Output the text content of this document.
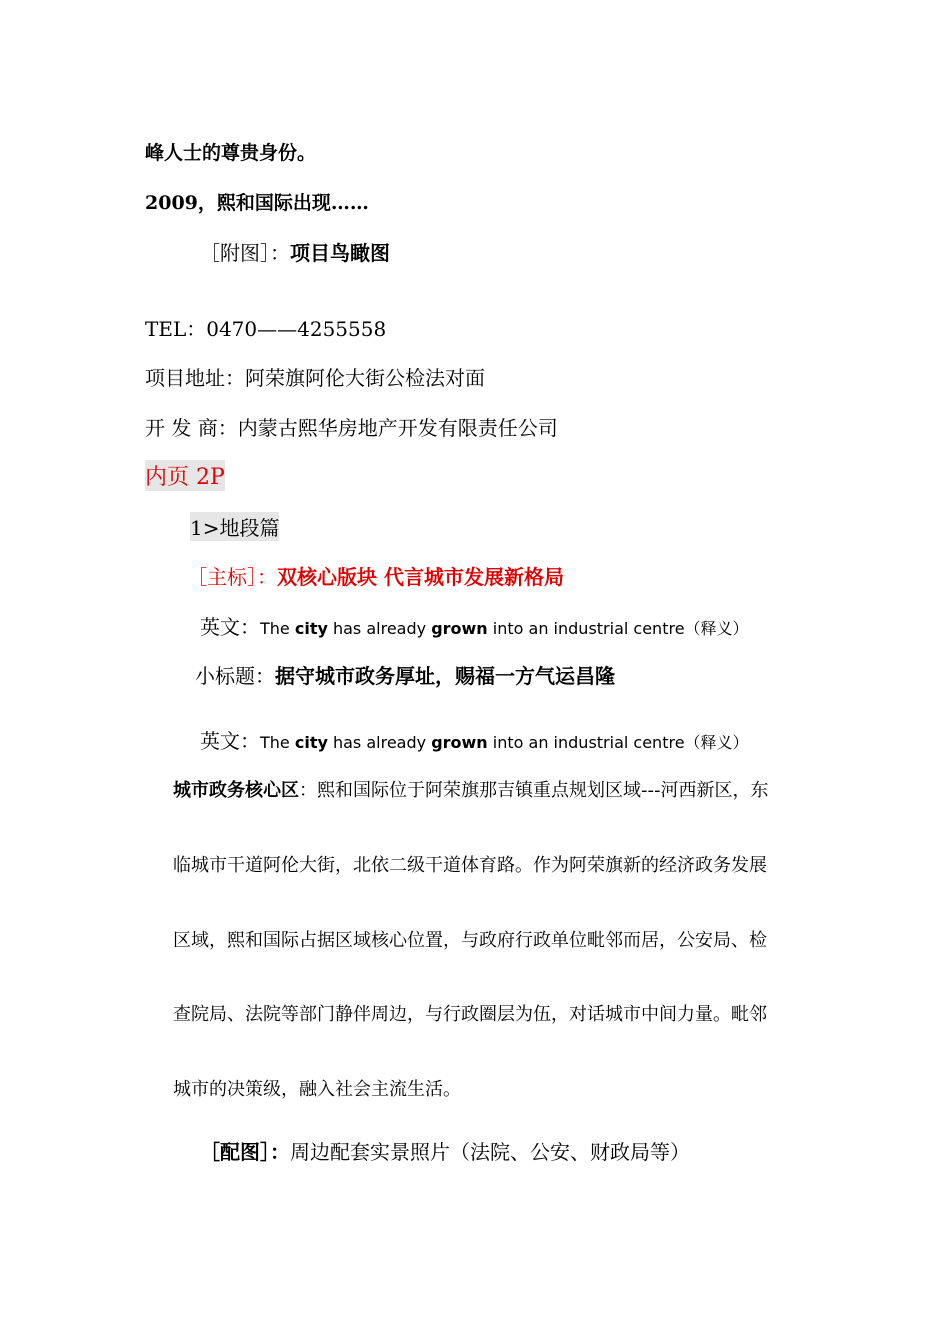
峰人士的尊贵身份。
2009，熙和国际出现……
［附图］：项目鸟瞰图
TEL：0470——4255558
项目地址：阿荣旗阿伦大街公检法对面
开 发 商：内蒙古熙华房地产开发有限责任公司
内页 2P
1>地段篇
［主标］：双核心版块 代言城市发展新格局
英文：The city has already grown into an industrial centre（释义）
小标题：据守城市政务厚址，赐福一方气运昌隆
英文：The city has already grown into an industrial centre（释义）
城市政务核心区：熙和国际位于阿荣旗那吉镇重点规划区域---河西新区，东
临城市干道阿伦大街，北依二级干道体育路。作为阿荣旗新的经济政务发展
区域，熙和国际占据区域核心位置，与政府行政单位毗邻而居，公安局、检
查院局、法院等部门静伴周边，与行政圈层为伍，对话城市中间力量。毗邻
城市的决策级，融入社会主流生活。
［配图］：周边配套实景照片（法院、公安、财政局等）
